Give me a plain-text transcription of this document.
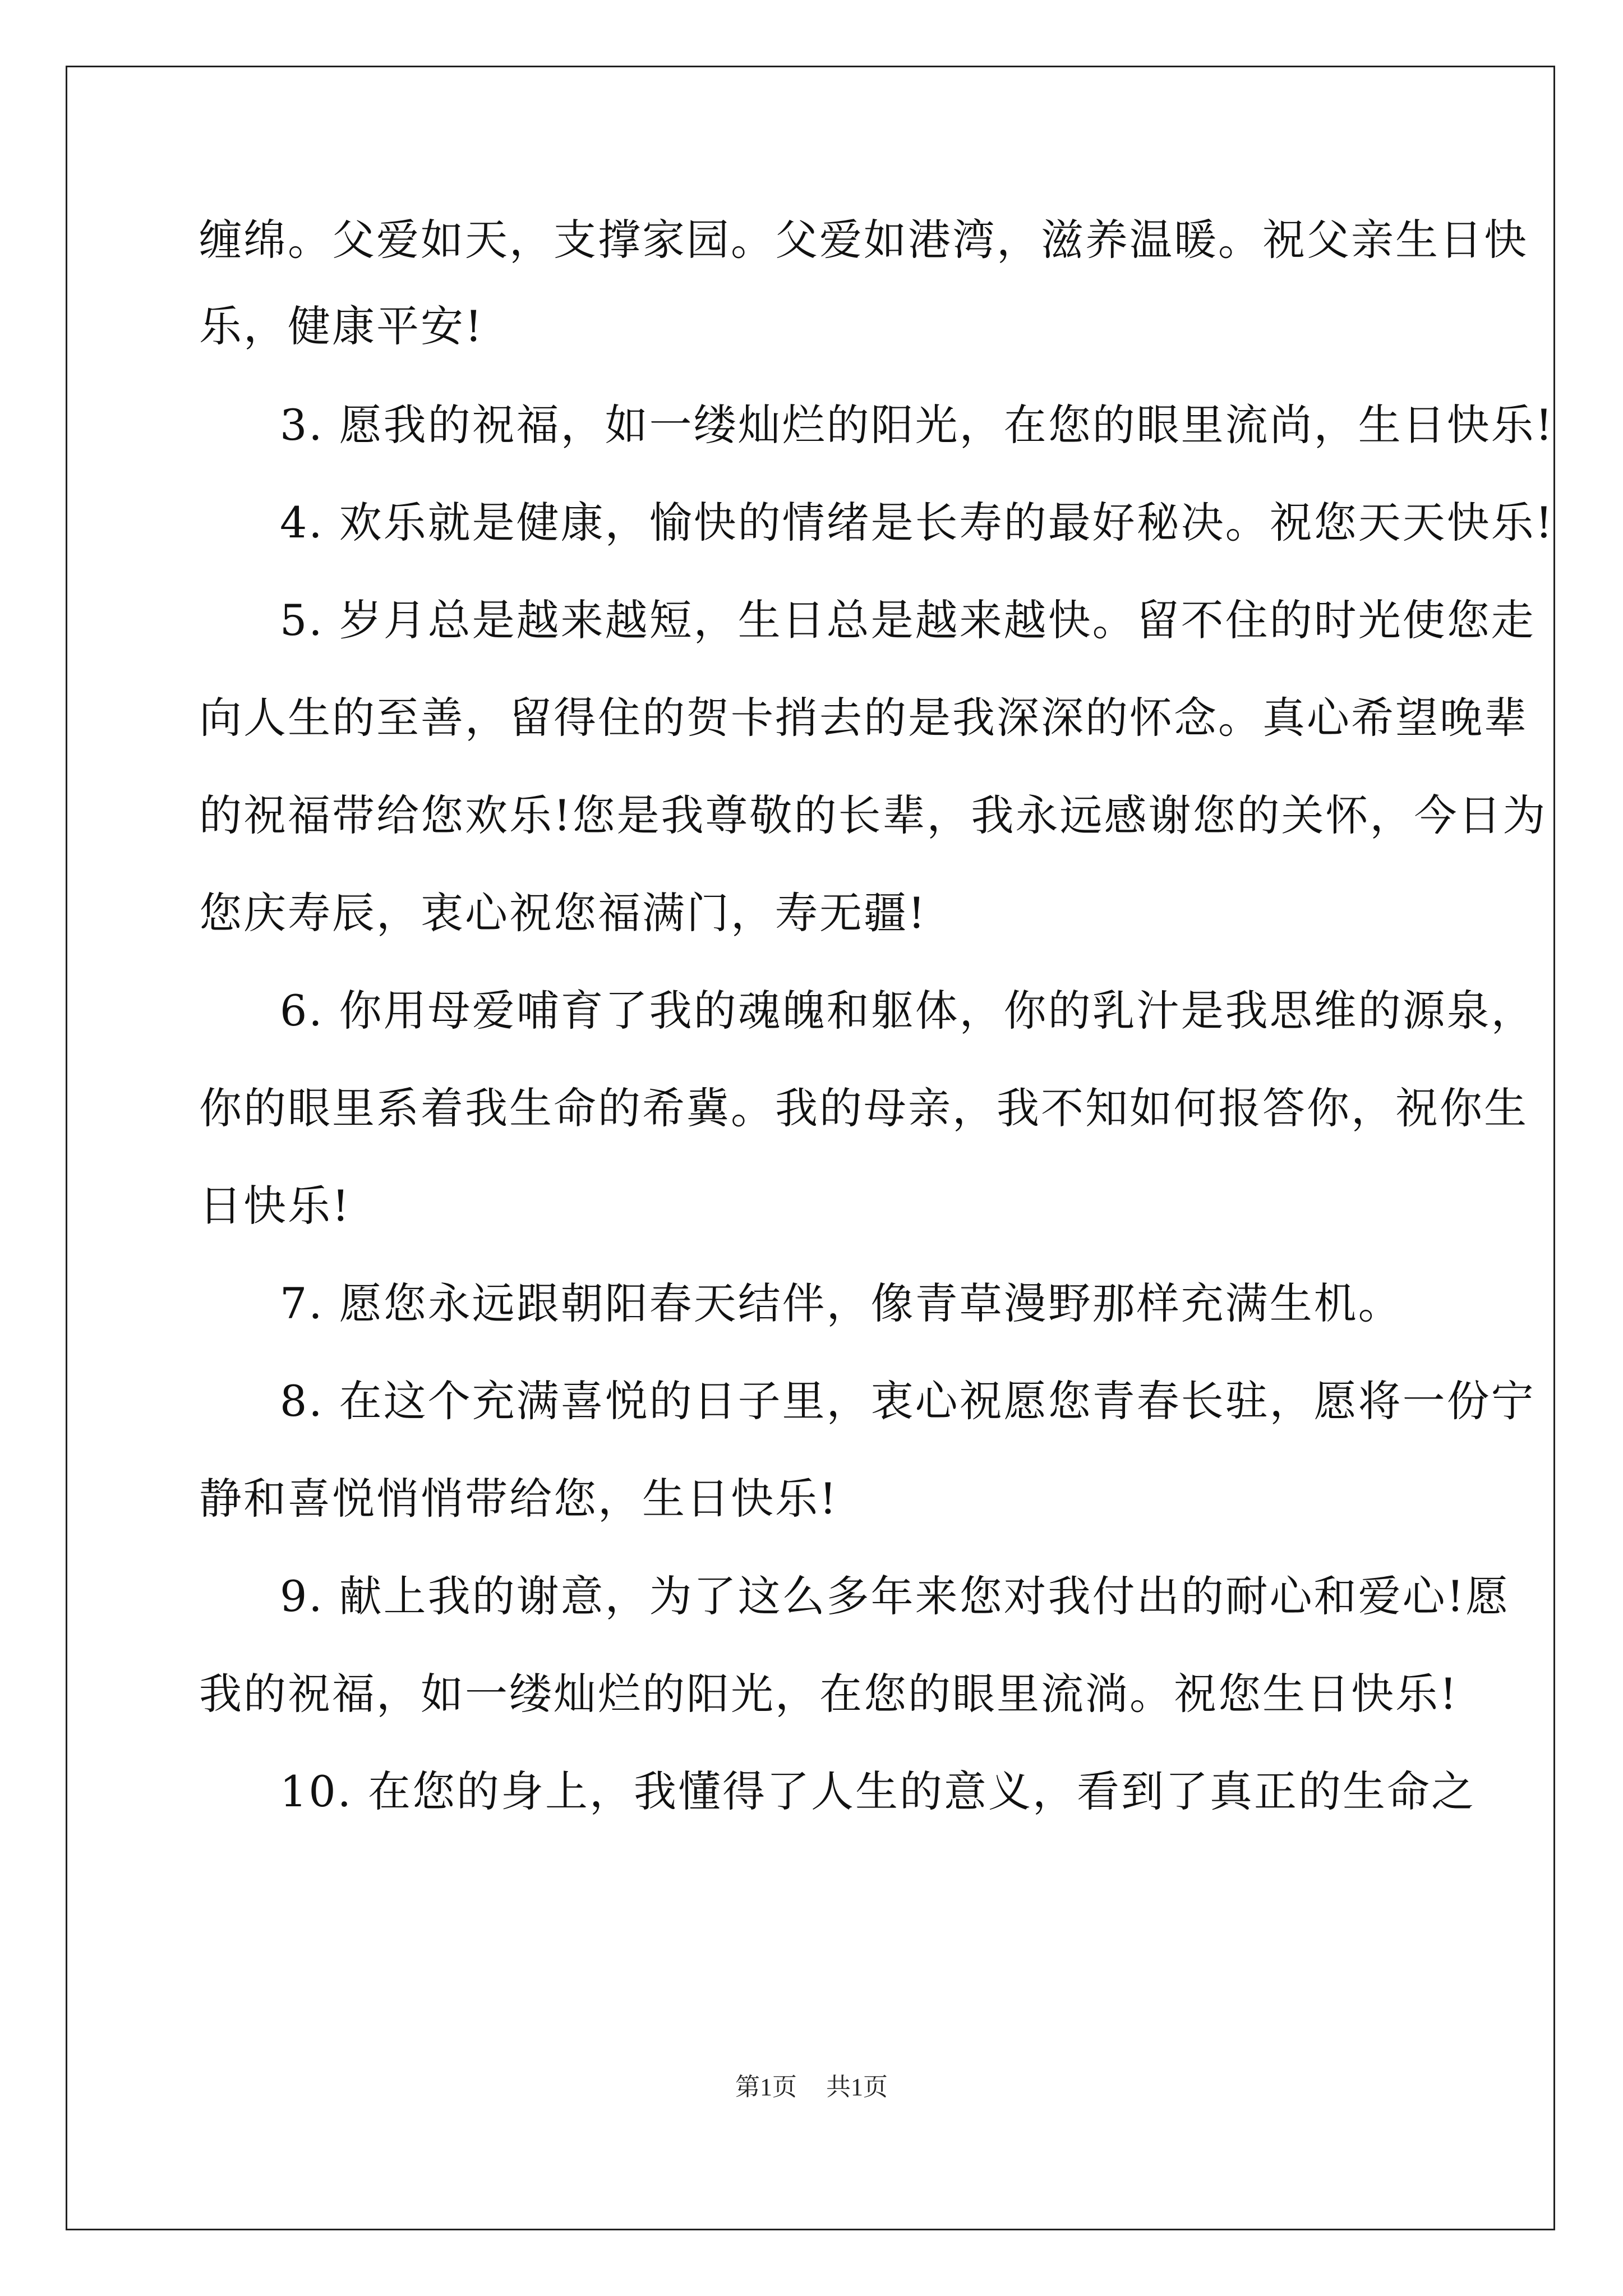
缠绵。父爱如天，支撑家园。父爱如港湾，滋养温暖。祝父亲生日快
乐，健康平安!
3. 愿我的祝福，如一缕灿烂的阳光，在您的眼里流尚，生日快乐!
4. 欢乐就是健康，愉快的情绪是长寿的最好秘决。祝您天天快乐!
5. 岁月总是越来越短，生日总是越来越快。留不住的时光使您走
向人生的至善，留得住的贺卡捎去的是我深深的怀念。真心希望晚辈
的祝福带给您欢乐!您是我尊敬的长辈，我永远感谢您的关怀，今日为
您庆寿辰，衷心祝您福满门，寿无疆!
6. 你用母爱哺育了我的魂魄和躯体，你的乳汁是我思维的源泉，
你的眼里系着我生命的希冀。我的母亲，我不知如何报答你，祝你生
日快乐!
7. 愿您永远跟朝阳春天结伴，像青草漫野那样充满生机。
8. 在这个充满喜悦的日子里，衷心祝愿您青春长驻，愿将一份宁
静和喜悦悄悄带给您，生日快乐!
9. 献上我的谢意，为了这么多年来您对我付出的耐心和爱心!愿
我的祝福，如一缕灿烂的阳光，在您的眼里流淌。祝您生日快乐!
10. 在您的身上，我懂得了人生的意义，看到了真正的生命之
第1页 共1页
